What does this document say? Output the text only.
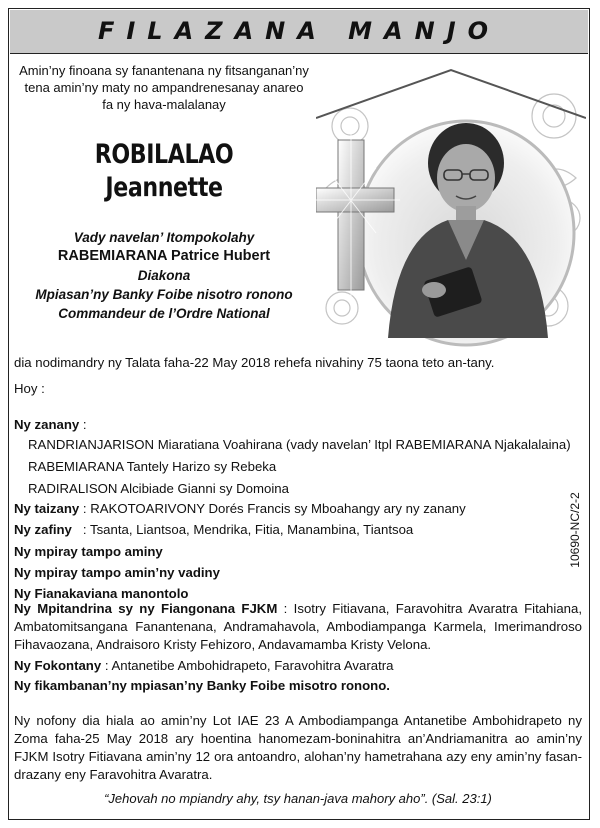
FILAZANA MANJO
Amin’ny finoana sy fanantenana ny fitsanganan’ny
tena amin’ny maty no ampandrenesanay anareo
fa ny hava-malalanay
ROBILALAO
Jeannette
Vady navelan’ Itompokolahy
RABEMIARANA Patrice Hubert
Diakona
Mpiasan’ny Banky Foibe nisotro ronono
Commandeur de l’Ordre National
dia nodimandry ny Talata faha-22 May 2018 rehefa nivahiny 75 taona teto an-tany.
Hoy :
Ny zanany :
RANDRIANJARISON Miaratiana Voahirana (vady navelan’ Itpl RABEMIARANA Njakalalaina)
RABEMIARANA Tantely Harizo sy Rebeka
RADIRALISON Alcibiade Gianni sy Domoina
Ny taizany : RAKOTOARIVONY Dorés Francis sy Mboahangy ary ny zanany
Ny zafiny   : Tsanta, Liantsoa, Mendrika, Fitia, Manambina, Tiantsoa
Ny mpiray tampo aminy
Ny mpiray tampo amin’ny vadiny
Ny Fianakaviana manontolo
Ny Mpitandrina sy ny Fiangonana FJKM : Isotry Fitiavana, Faravohitra Avaratra Fitahiana, Ambatomitsangana Fanantenana, Andramahavola, Ambodiampanga Karmela, Imerimandroso Fihavaozana, Andraisoro Kristy Fehizoro, Andavamamba Kristy Velona.
Ny Fokontany : Antanetibe Ambohidrapeto, Faravohitra Avaratra
Ny fikambanan’ny mpiasan’ny Banky Foibe misotro ronono.
Ny nofony dia hiala ao amin’ny Lot IAE 23 A Ambodiampanga Antanetibe Ambohidrapeto ny Zoma faha-25 May 2018 ary hoentina hanomezam-boninahitra an’Andriamanitra ao amin’ny FJKM Isotry Fitiavana amin’ny 12 ora antoandro, alohan’ny hametrahana azy eny amin’ny fasan-drazany eny Faravohitra Avaratra.
“Jehovah no mpiandry ahy, tsy hanan-java mahory aho”. (Sal. 23:1)
10690-NC/2-2
